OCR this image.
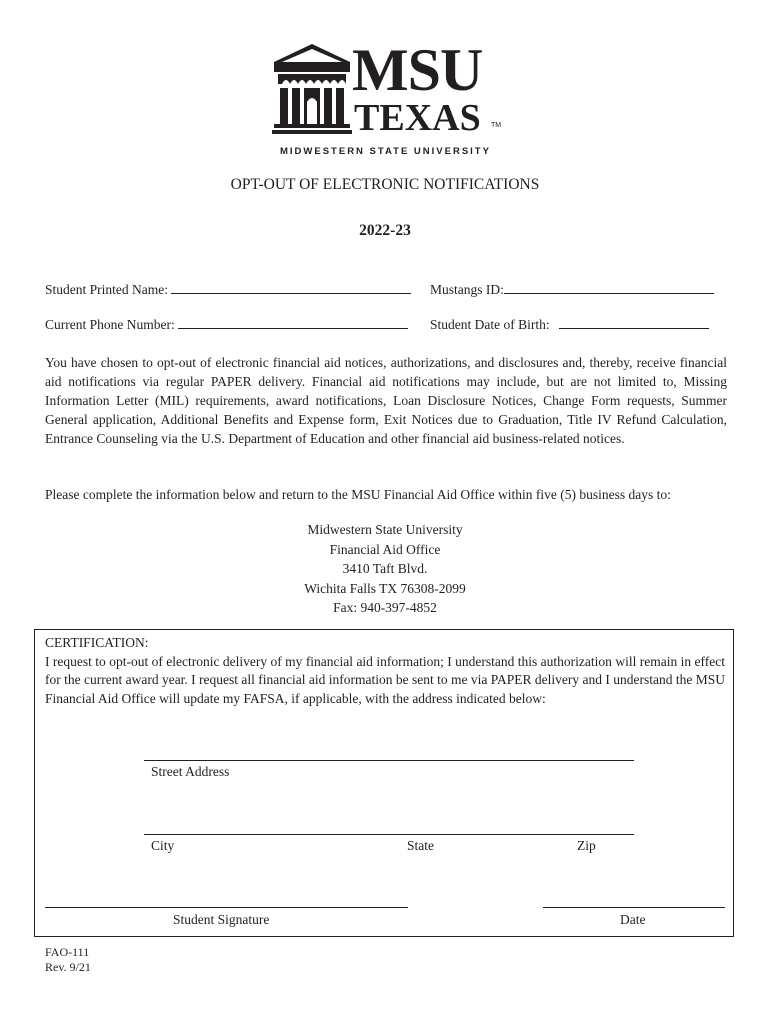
MSU
TEXAS TM
MIDWESTERN STATE UNIVERSITY
OPT-OUT OF ELECTRONIC NOTIFICATIONS
2022-23
Student Printed Name:	Mustangs ID:
Current Phone Number:	Student Date of Birth:
You have chosen to opt-out of electronic financial aid notices, authorizations, and disclosures and, thereby, receive financial aid notifications via regular PAPER delivery. Financial aid notifications may include, but are not limited to, Missing Information Letter (MIL) requirements, award notifications, Loan Disclosure Notices, Change Form requests, Summer General application, Additional Benefits and Expense form, Exit Notices due to Graduation, Title IV Refund Calculation, Entrance Counseling via the U.S. Department of Education and other financial aid business-related notices.
Please complete the information below and return to the MSU Financial Aid Office within five (5) business days to:
Midwestern State University
Financial Aid Office
3410 Taft Blvd.
Wichita Falls TX 76308-2099
Fax: 940-397-4852
CERTIFICATION:
I request to opt-out of electronic delivery of my financial aid information; I understand this authorization will remain in effect for the current award year. I request all financial aid information be sent to me via PAPER delivery and I understand the MSU Financial Aid Office will update my FAFSA, if applicable, with the address indicated below:
Street Address
City	State	Zip
Student Signature	Date
FAO-111
Rev. 9/21
